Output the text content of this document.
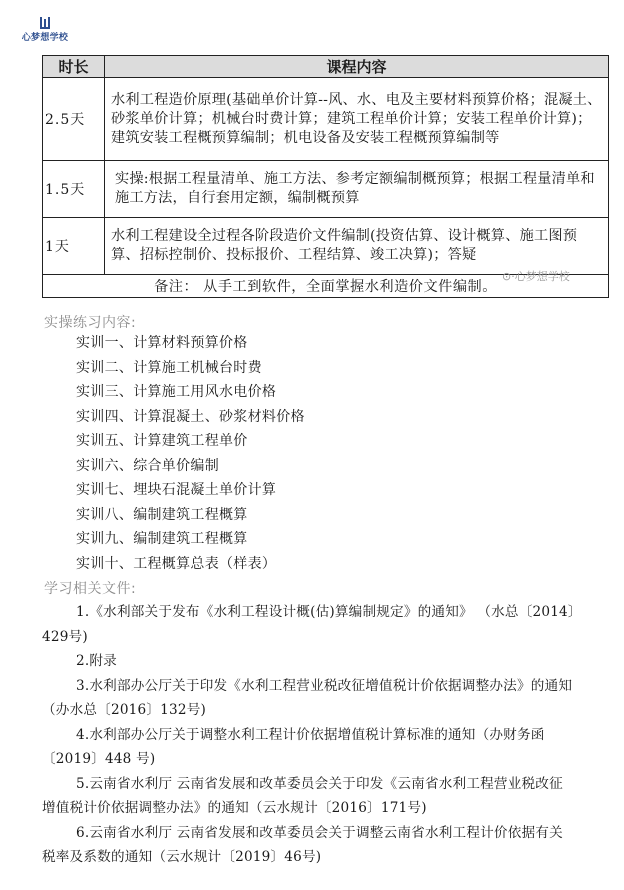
心梦想学校
时长	课程内容
2.5天	水利工程造价原理(基础单价计算--风、水、电及主要材料预算价格；混凝土、砂浆单价计算；机械台时费计算；建筑工程单价计算；安装工程单价计算)；建筑安装工程概预算编制；机电设备及安装工程概预算编制等
1.5天	实操:根据工程量清单、施工方法、参考定额编制概预算；根据工程量清单和施工方法，自行套用定额，编制概预算
1天	水利工程建设全过程各阶段造价文件编制(投资估算、设计概算、施工图预算、招标控制价、投标报价、工程结算、竣工决算)；答疑
备注： 从手工到软件，全面掌握水利造价文件编制。	
⊙·心梦想学校
实操练习内容:
实训一、计算材料预算价格
实训二、计算施工机械台时费
实训三、计算施工用风水电价格
实训四、计算混凝土、砂浆材料价格
实训五、计算建筑工程单价
实训六、综合单价编制
实训七、埋块石混凝土单价计算
实训八、编制建筑工程概算
实训九、编制建筑工程概算
实训十、工程概算总表（样表）
学习相关文件:

1.《水利部关于发布《水利工程设计概(估)算编制规定》的通知》 （水总〔2014〕

429号)

2.附录

3.水利部办公厅关于印发《水利工程营业税改征增值税计价依据调整办法》的通知

（办水总〔2016〕132号)

4.水利部办公厅关于调整水利工程计价依据增值税计算标准的通知（办财务函

〔2019〕448 号)

5.云南省水利厅 云南省发展和改革委员会关于印发《云南省水利工程营业税改征

增值税计价依据调整办法》的通知（云水规计〔2016〕171号)

6.云南省水利厅 云南省发展和改革委员会关于调整云南省水利工程计价依据有关

税率及系数的通知（云水规计〔2019〕46号)
